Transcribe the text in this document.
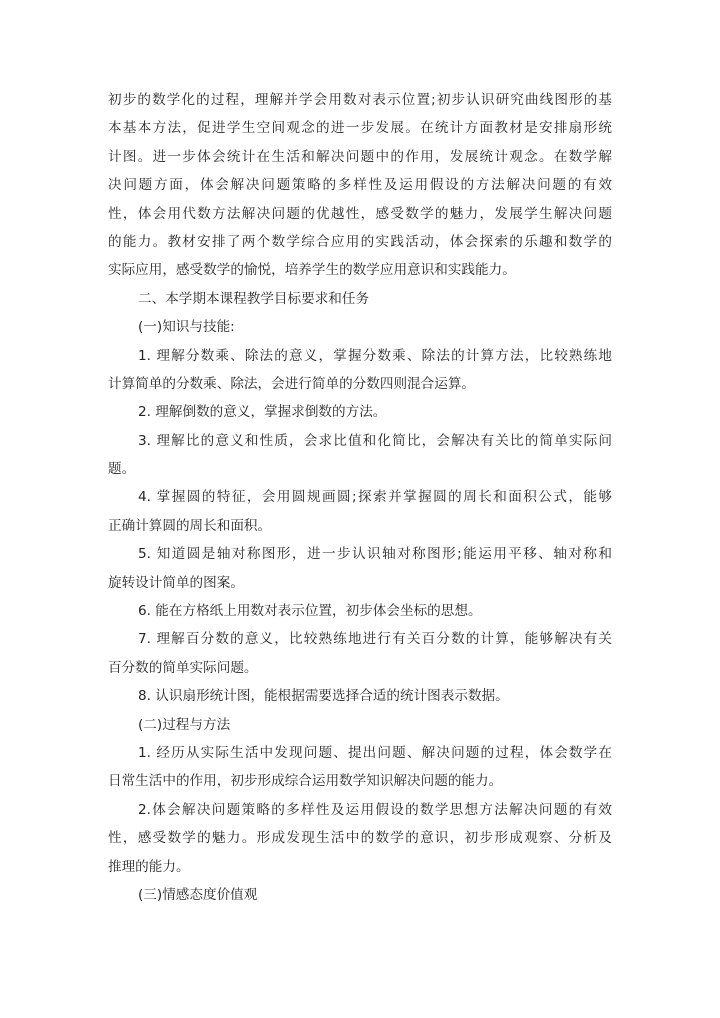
初步的数学化的过程，理解并学会用数对表示位置;初步认识研究曲线图形的基
本基本方法，促进学生空间观念的进一步发展。在统计方面教材是安排扇形统
计图。进一步体会统计在生活和解决问题中的作用，发展统计观念。在数学解
决问题方面，体会解决问题策略的多样性及运用假设的方法解决问题的有效
性，体会用代数方法解决问题的优越性，感受数学的魅力，发展学生解决问题
的能力。教材安排了两个数学综合应用的实践活动，体会探索的乐趣和数学的
实际应用，感受数学的愉悦，培养学生的数学应用意识和实践能力。
二、本学期本课程教学目标要求和任务
(一)知识与技能:
1. 理解分数乘、除法的意义，掌握分数乘、除法的计算方法，比较熟练地
计算简单的分数乘、除法，会进行简单的分数四则混合运算。
2. 理解倒数的意义，掌握求倒数的方法。
3. 理解比的意义和性质，会求比值和化简比，会解决有关比的简单实际问
题。
4. 掌握圆的特征，会用圆规画圆;探索并掌握圆的周长和面积公式，能够
正确计算圆的周长和面积。
5. 知道圆是轴对称图形，进一步认识轴对称图形;能运用平移、轴对称和
旋转设计简单的图案。
6. 能在方格纸上用数对表示位置，初步体会坐标的思想。
7. 理解百分数的意义，比较熟练地进行有关百分数的计算，能够解决有关
百分数的简单实际问题。
8. 认识扇形统计图，能根据需要选择合适的统计图表示数据。
(二)过程与方法
1. 经历从实际生活中发现问题、提出问题、解决问题的过程，体会数学在
日常生活中的作用，初步形成综合运用数学知识解决问题的能力。
2.体会解决问题策略的多样性及运用假设的数学思想方法解决问题的有效
性，感受数学的魅力。形成发现生活中的数学的意识，初步形成观察、分析及
推理的能力。
(三)情感态度价值观
